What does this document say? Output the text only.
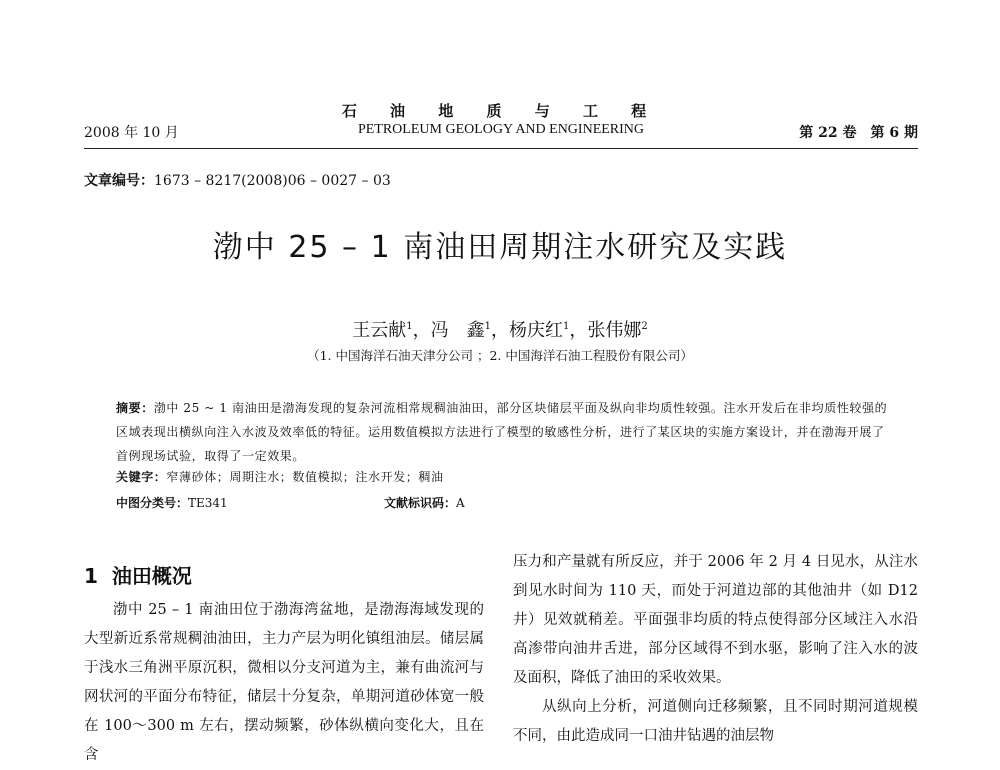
石 油 地 质 与 工 程
2008 年 10 月	PETROLEUM GEOLOGY AND ENGINEERING	第 22 卷　第 6 期
文章编号：1673 – 8217(2008)06 – 0027 – 03
渤中 25 – 1 南油田周期注水研究及实践
王云献$^1$，冯　鑫$^1$，杨庆红$^1$，张伟娜$^2$
（1. 中国海洋石油天津分公司 ；2. 中国海洋石油工程股份有限公司）
摘要：渤中 25 ~ 1 南油田是渤海发现的复杂河流相常规稠油油田，部分区块储层平面及纵向非均质性较强。注水开发后在非均质性较强的区域表现出横纵向注入水波及效率低的特征。运用数值模拟方法进行了模型的敏感性分析，进行了某区块的实施方案设计，并在渤海开展了首例现场试验，取得了一定效果。
关键字：窄薄砂体；周期注水；数值模拟；注水开发；稠油
中图分类号：TE341	文献标识码：A
1 油田概况

渤中 25 – 1 南油田位于渤海湾盆地，是渤海海域发现的大型新近系常规稠油油田，主力产层为明化镇组油层。储层属于浅水三角洲平原沉积，微相以分支河道为主，兼有曲流河与网状河的平面分布特征，储层十分复杂，单期河道砂体宽一般在 100～300 m 左右，摆动频繁，砂体纵横向变化大，且在含

压力和产量就有所反应，并于 2006 年 2 月 4 日见水，从注水到见水时间为 110 天，而处于河道边部的其他油井（如 D12 井）见效就稍差。平面强非均质的特点使得部分区域注入水沿高渗带向油井舌进，部分区域得不到水驱，影响了注入水的波及面积，降低了油田的采收效果。

从纵向上分析，河道侧向迁移频繁，且不同时期河道规模不同，由此造成同一口油井钻遇的油层物
